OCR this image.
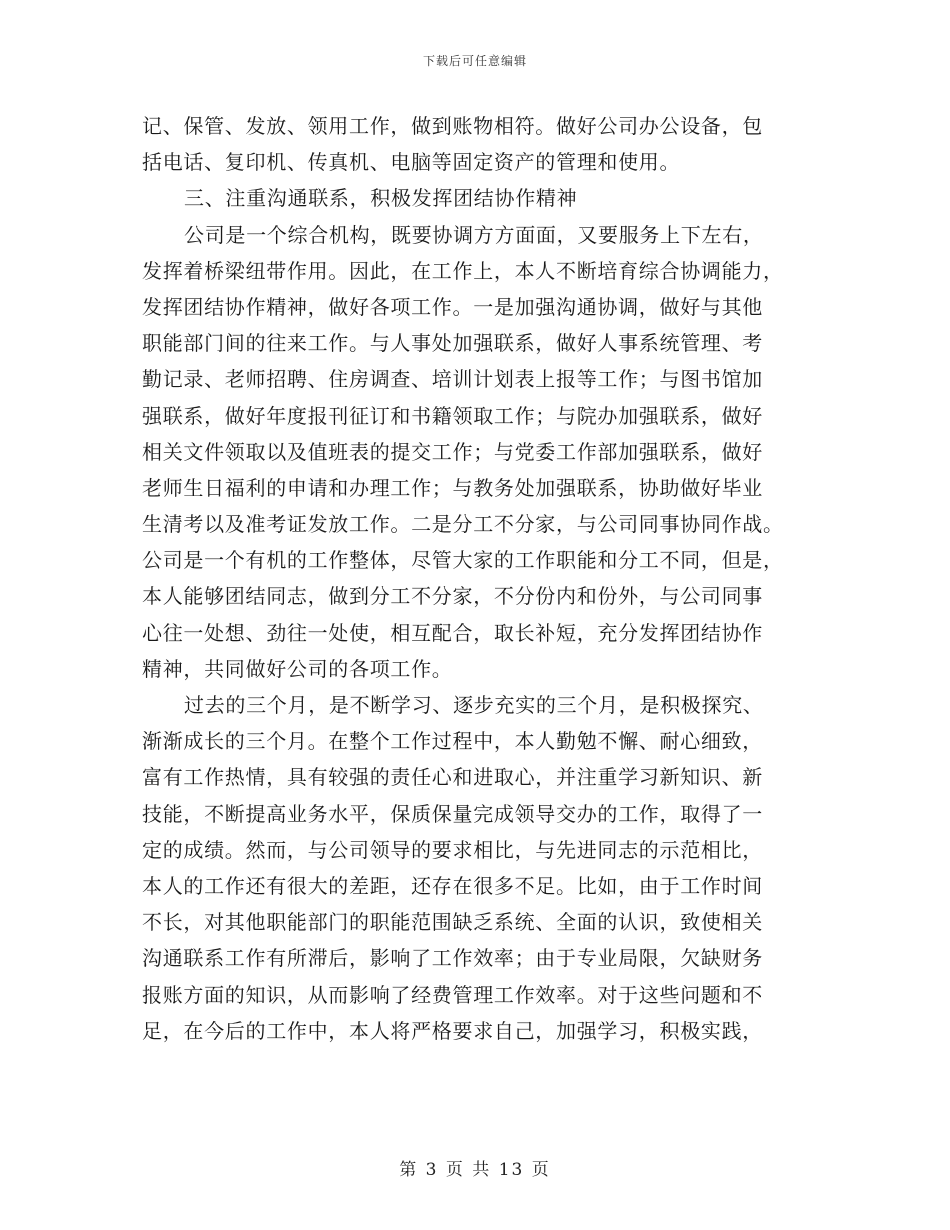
下载后可任意编辑
记、保管、发放、领用工作，做到账物相符。做好公司办公设备，包
括电话、复印机、传真机、电脑等固定资产的管理和使用。
三、注重沟通联系，积极发挥团结协作精神
公司是一个综合机构，既要协调方方面面，又要服务上下左右，
发挥着桥梁纽带作用。因此，在工作上，本人不断培育综合协调能力，
发挥团结协作精神，做好各项工作。一是加强沟通协调，做好与其他
职能部门间的往来工作。与人事处加强联系，做好人事系统管理、考
勤记录、老师招聘、住房调查、培训计划表上报等工作；与图书馆加
强联系，做好年度报刊征订和书籍领取工作；与院办加强联系，做好
相关文件领取以及值班表的提交工作；与党委工作部加强联系，做好
老师生日福利的申请和办理工作；与教务处加强联系，协助做好毕业
生清考以及准考证发放工作。二是分工不分家，与公司同事协同作战。
公司是一个有机的工作整体，尽管大家的工作职能和分工不同，但是，
本人能够团结同志，做到分工不分家，不分份内和份外，与公司同事
心往一处想、劲往一处使，相互配合，取长补短，充分发挥团结协作
精神，共同做好公司的各项工作。
过去的三个月，是不断学习、逐步充实的三个月，是积极探究、
渐渐成长的三个月。在整个工作过程中，本人勤勉不懈、耐心细致，
富有工作热情，具有较强的责任心和进取心，并注重学习新知识、新
技能，不断提高业务水平，保质保量完成领导交办的工作，取得了一
定的成绩。然而，与公司领导的要求相比，与先进同志的示范相比，
本人的工作还有很大的差距，还存在很多不足。比如，由于工作时间
不长，对其他职能部门的职能范围缺乏系统、全面的认识，致使相关
沟通联系工作有所滞后，影响了工作效率；由于专业局限，欠缺财务
报账方面的知识，从而影响了经费管理工作效率。对于这些问题和不
足，在今后的工作中，本人将严格要求自己，加强学习，积极实践，
第 3 页 共 13 页
